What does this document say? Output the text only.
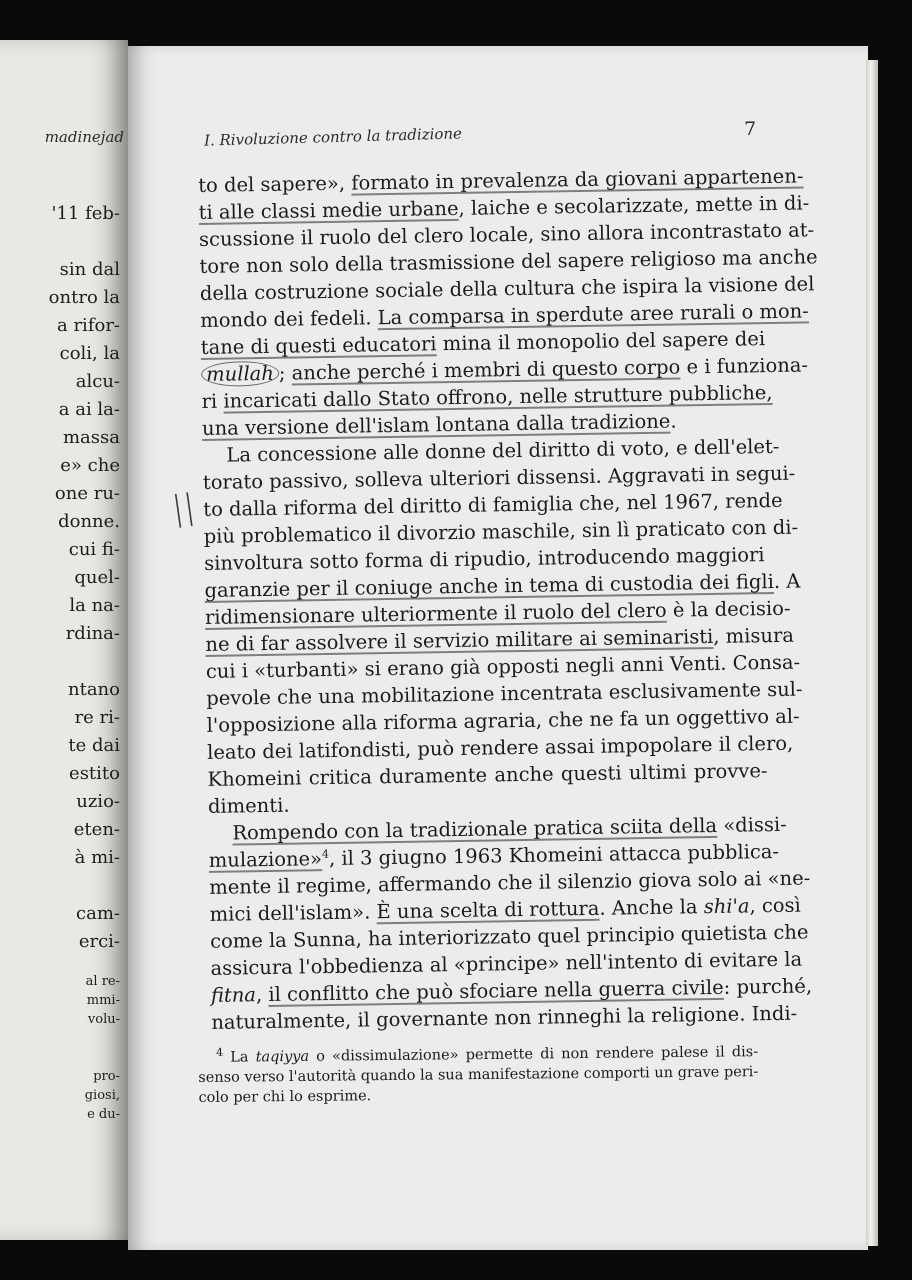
madinejad
'11 feb-

sin dal
ontro la
a rifor-
coli, la
alcu-
a ai la-
massa
e» che
one ru-
donne.
cui fi-
quel-
la na-
rdina-

ntano
re ri-
te dai
estito
uzio-
eten-
à mi-

cam-
erci-
al re-
mmi-
volu-

pro-
giosi,
e du-
I. Rivoluzione contro la tradizione	7
||
to del sapere», formato in prevalenza da giovani appartenen-
ti alle classi medie urbane, laiche e secolarizzate, mette in di-
scussione il ruolo del clero locale, sino allora incontrastato at-
tore non solo della trasmissione del sapere religioso ma anche
della costruzione sociale della cultura che ispira la visione del
mondo dei fedeli. La comparsa in sperdute aree rurali o mon-
tane di questi educatori mina il monopolio del sapere dei
mullah ; anche perché i membri di questo corpo e i funziona-
ri incaricati dallo Stato offrono, nelle strutture pubbliche,
una versione dell'islam lontana dalla tradizione.
La concessione alle donne del diritto di voto, e dell'elet-
torato passivo, solleva ulteriori dissensi. Aggravati in segui-
to dalla riforma del diritto di famiglia che, nel 1967, rende
più problematico il divorzio maschile, sin lì praticato con di-
sinvoltura sotto forma di ripudio, introducendo maggiori
garanzie per il coniuge anche in tema di custodia dei figli. A
ridimensionare ulteriormente il ruolo del clero è la decisio-
ne di far assolvere il servizio militare ai seminaristi, misura
cui i «turbanti» si erano già opposti negli anni Venti. Consa-
pevole che una mobilitazione incentrata esclusivamente sul-
l'opposizione alla riforma agraria, che ne fa un oggettivo al-
leato dei latifondisti, può rendere assai impopolare il clero,
Khomeini critica duramente anche questi ultimi provve-
dimenti.
Rompendo con la tradizionale pratica sciita della «dissi-
mulazione»$^4$, il 3 giugno 1963 Khomeini attacca pubblica-
mente il regime, affermando che il silenzio giova solo ai «ne-
mici dell'islam». È una scelta di rottura. Anche la shi'a, così
come la Sunna, ha interiorizzato quel principio quietista che
assicura l'obbedienza al «principe» nell'intento di evitare la
fitna, il conflitto che può sfociare nella guerra civile: purché,
naturalmente, il governante non rinneghi la religione. Indi-
$^4$ La taqiyya o «dissimulazione» permette di non rendere palese il dis-
senso verso l'autorità quando la sua manifestazione comporti un grave peri-
colo per chi lo esprime.
